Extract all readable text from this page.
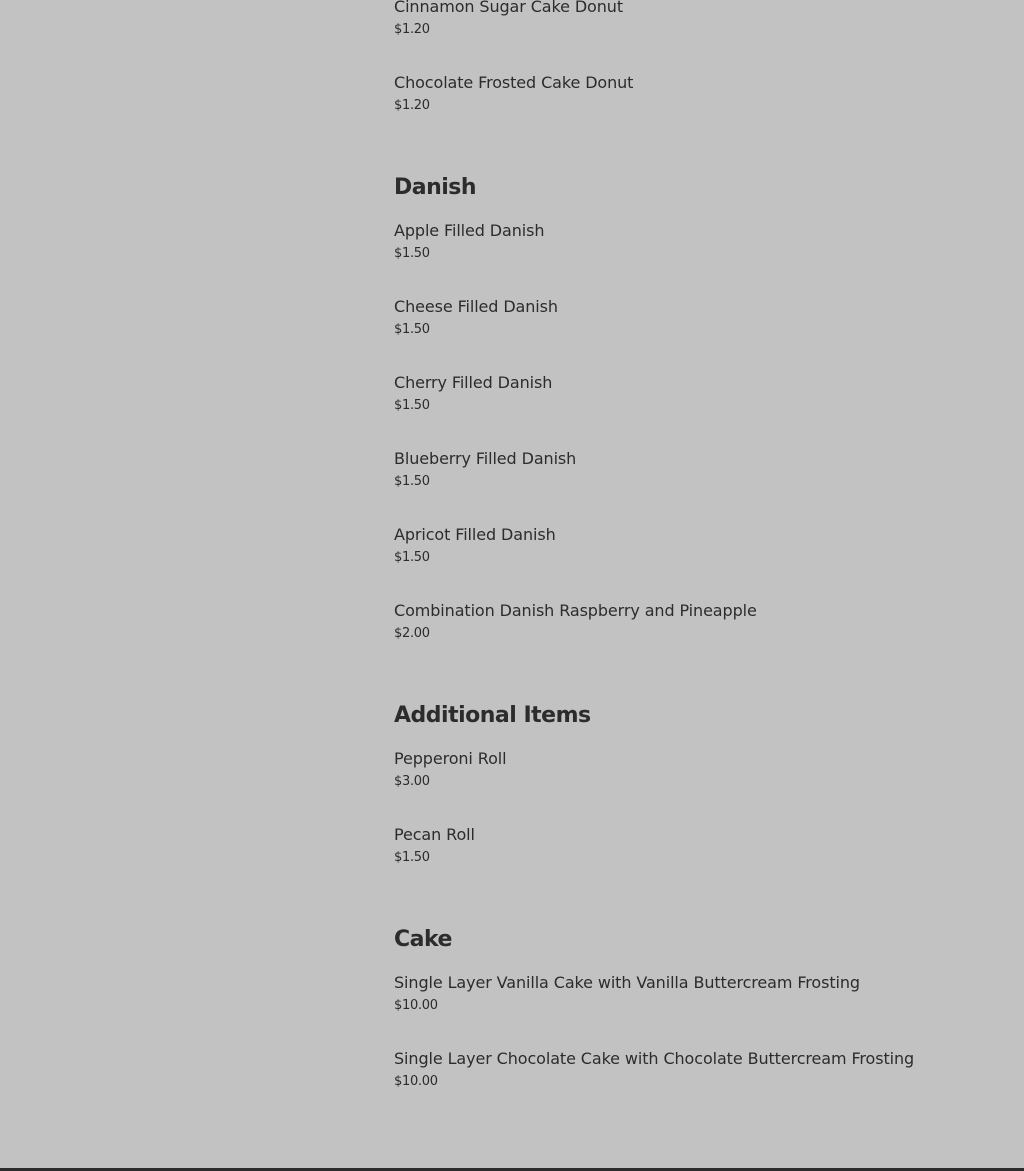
Cinnamon Sugar Cake Donut
$1.20
Chocolate Frosted Cake Donut
$1.20
Danish
Apple Filled Danish
$1.50
Cheese Filled Danish
$1.50
Cherry Filled Danish
$1.50
Blueberry Filled Danish
$1.50
Apricot Filled Danish
$1.50
Combination Danish Raspberry and Pineapple
$2.00
Additional Items
Pepperoni Roll
$3.00
Pecan Roll
$1.50
Cake
Single Layer Vanilla Cake with Vanilla Buttercream Frosting
$10.00
Single Layer Chocolate Cake with Chocolate Buttercream Frosting
$10.00
